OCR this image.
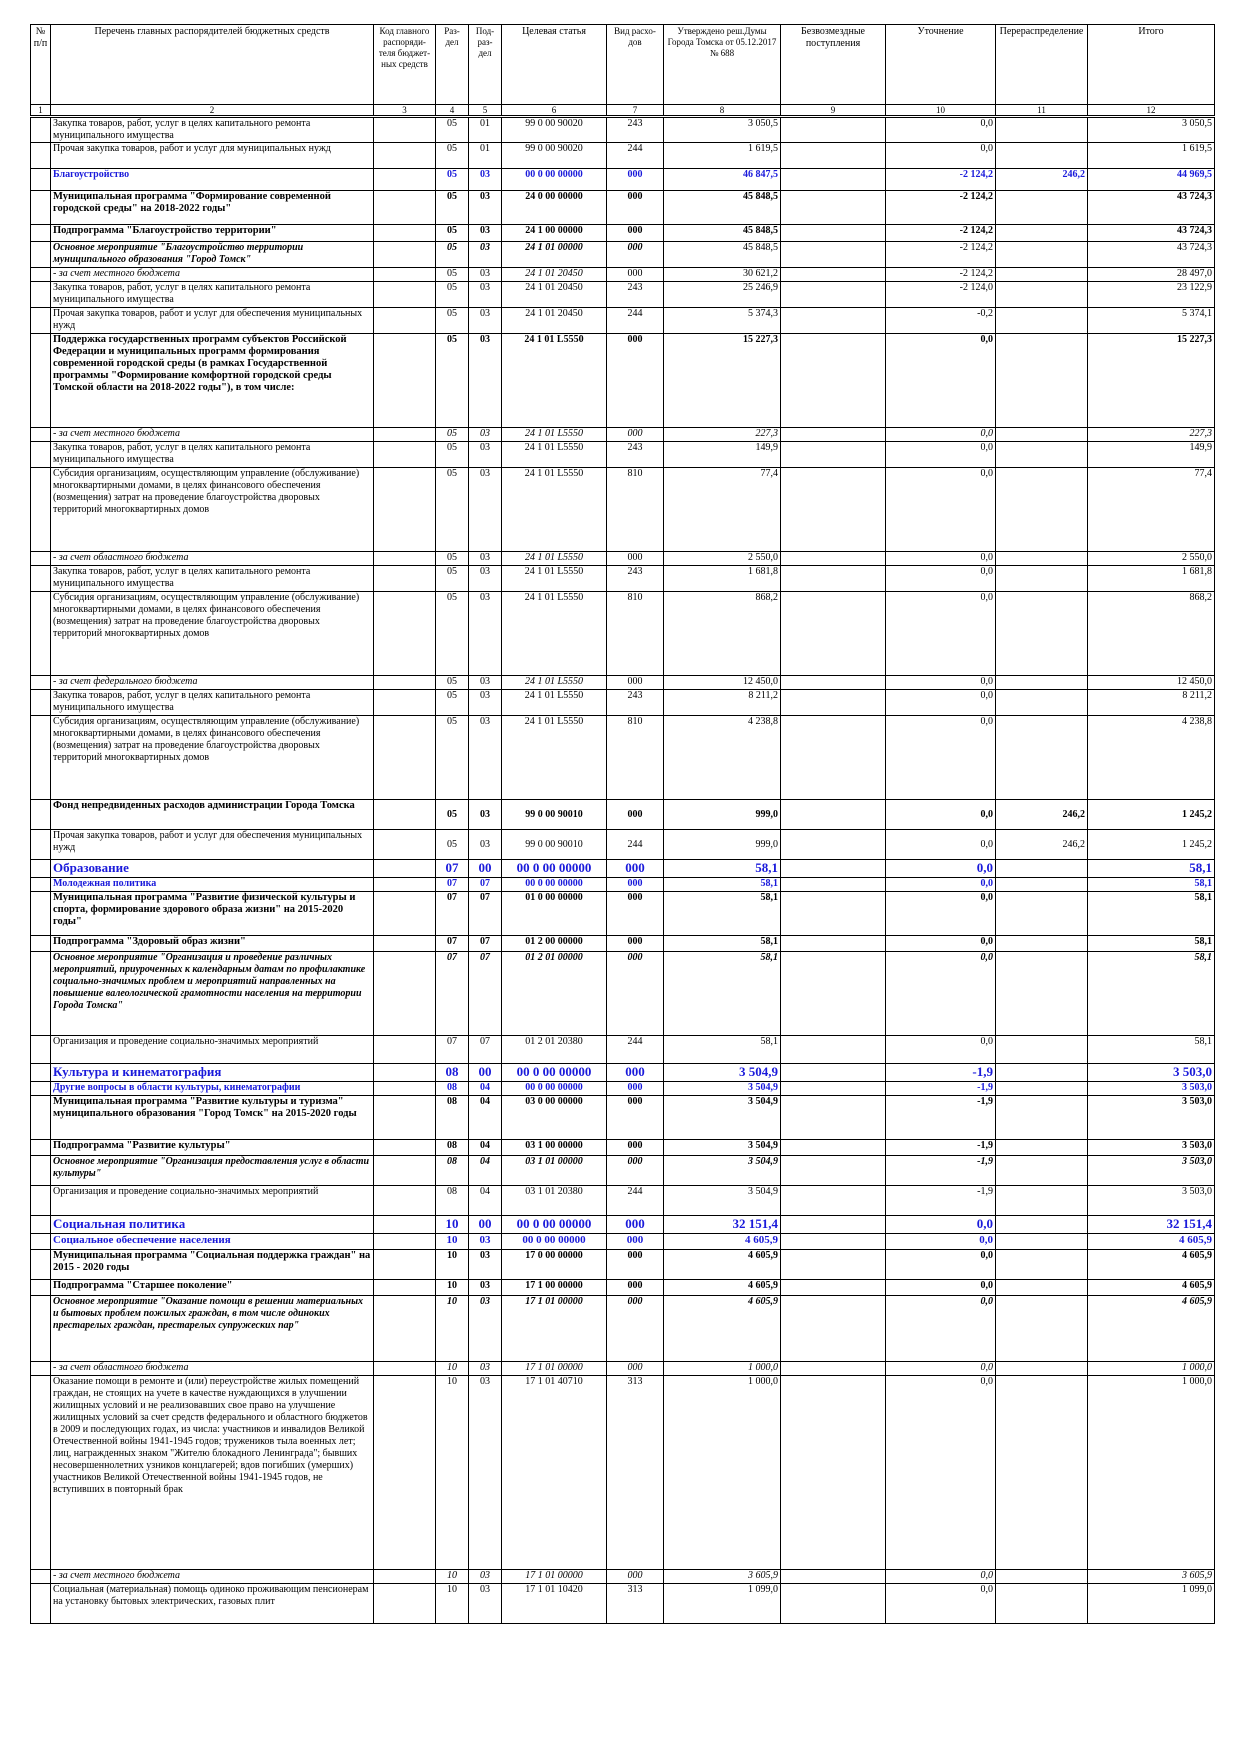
№ п/п	Перечень главных распорядителей бюджетных средств	Код главного распоряди- теля бюджет- ных средств	Раз- дел	Под- раз- дел	Целевая статья	Вид расхо- дов	Утверждено реш.Думы Города Томска от 05.12.2017 № 688	Безвозмездные поступления	Уточнение	Перераспределение	Итого
1	2	3	4	5	6	7	8	9	10	11	12
	Закупка товаров, работ, услуг в целях капитального ремонта муниципального имущества		05	01	99 0 00 90020	243	3 050,5		0,0		3 050,5
	Прочая закупка товаров, работ и услуг для муниципальных нужд		05	01	99 0 00 90020	244	1 619,5		0,0		1 619,5
	Благоустройство		05	03	00 0 00 00000	000	46 847,5		-2 124,2	246,2	44 969,5
	Муниципальная программа "Формирование современной городской среды" на 2018-2022 годы"		05	03	24 0 00 00000	000	45 848,5		-2 124,2		43 724,3
	Подпрограмма "Благоустройство территории"		05	03	24 1 00 00000	000	45 848,5		-2 124,2		43 724,3
	Основное мероприятие "Благоустройство территории муниципального образования "Город Томск"		05	03	24 1 01 00000	000	45 848,5		-2 124,2		43 724,3
	- за счет местного бюджета		05	03	24 1 01 20450	000	30 621,2		-2 124,2		28 497,0
	Закупка товаров, работ, услуг в целях капитального ремонта муниципального имущества		05	03	24 1 01 20450	243	25 246,9		-2 124,0		23 122,9
	Прочая закупка товаров, работ и услуг для обеспечения муниципальных нужд		05	03	24 1 01 20450	244	5 374,3		-0,2		5 374,1
	Поддержка государственных программ субъектов Российской Федерации и муниципальных программ формирования современной городской среды (в рамках Государственной программы "Формирование комфортной городской среды Томской области на 2018-2022 годы"), в том числе:		05	03	24 1 01 L5550	000	15 227,3		0,0		15 227,3
	- за счет местного бюджета		05	03	24 1 01 L5550	000	227,3		0,0		227,3
	Закупка товаров, работ, услуг в целях капитального ремонта муниципального имущества		05	03	24 1 01 L5550	243	149,9		0,0		149,9
	Субсидия организациям, осуществляющим управление (обслуживание) многоквартирными домами, в целях финансового обеспечения (возмещения) затрат на проведение благоустройства дворовых территорий многоквартирных домов		05	03	24 1 01 L5550	810	77,4		0,0		77,4
	- за счет областного бюджета		05	03	24 1 01 L5550	000	2 550,0		0,0		2 550,0
	Закупка товаров, работ, услуг в целях капитального ремонта муниципального имущества		05	03	24 1 01 L5550	243	1 681,8		0,0		1 681,8
	Субсидия организациям, осуществляющим управление (обслуживание) многоквартирными домами, в целях финансового обеспечения (возмещения) затрат на проведение благоустройства дворовых территорий многоквартирных домов		05	03	24 1 01 L5550	810	868,2		0,0		868,2
	- за счет федерального бюджета		05	03	24 1 01 L5550	000	12 450,0		0,0		12 450,0
	Закупка товаров, работ, услуг в целях капитального ремонта муниципального имущества		05	03	24 1 01 L5550	243	8 211,2		0,0		8 211,2
	Субсидия организациям, осуществляющим управление (обслуживание) многоквартирными домами, в целях финансового обеспечения (возмещения) затрат на проведение благоустройства дворовых территорий многоквартирных домов		05	03	24 1 01 L5550	810	4 238,8		0,0		4 238,8
	Фонд непредвиденных расходов администрации Города Томска		05	03	99 0 00 90010	000	999,0		0,0	246,2	1 245,2
	Прочая закупка товаров, работ и услуг для обеспечения муниципальных нужд		05	03	99 0 00 90010	244	999,0		0,0	246,2	1 245,2
	Образование		07	00	00 0 00 00000	000	58,1		0,0		58,1
	Молодежная политика		07	07	00 0 00 00000	000	58,1		0,0		58,1
	Муниципальная программа "Развитие физической культуры и спорта, формирование здорового образа жизни" на 2015-2020 годы"		07	07	01 0 00 00000	000	58,1		0,0		58,1
	Подпрограмма "Здоровый образ жизни"		07	07	01 2 00 00000	000	58,1		0,0		58,1
	Основное мероприятие "Организация и проведение различных мероприятий, приуроченных к календарным датам по профилактике социально-значимых проблем и мероприятий направленных на повышение валеологической грамотности населения на территории Города Томска"		07	07	01 2 01 00000	000	58,1		0,0		58,1
	Организация и проведение социально-значимых мероприятий		07	07	01 2 01 20380	244	58,1		0,0		58,1
	Культура и кинематография		08	00	00 0 00 00000	000	3 504,9		-1,9		3 503,0
	Другие вопросы в области культуры, кинематографии		08	04	00 0 00 00000	000	3 504,9		-1,9		3 503,0
	Муниципальная программа "Развитие культуры и туризма" муниципального образования "Город Томск" на 2015-2020 годы		08	04	03 0 00 00000	000	3 504,9		-1,9		3 503,0
	Подпрограмма "Развитие культуры"		08	04	03 1 00 00000	000	3 504,9		-1,9		3 503,0
	Основное мероприятие "Организация предоставления услуг в области культуры"		08	04	03 1 01 00000	000	3 504,9		-1,9		3 503,0
	Организация и проведение социально-значимых мероприятий		08	04	03 1 01 20380	244	3 504,9		-1,9		3 503,0
	Социальная политика		10	00	00 0 00 00000	000	32 151,4		0,0		32 151,4
	Социальное обеспечение населения		10	03	00 0 00 00000	000	4 605,9		0,0		4 605,9
	Муниципальная программа "Социальная поддержка граждан" на 2015 - 2020 годы		10	03	17 0 00 00000	000	4 605,9		0,0		4 605,9
	Подпрограмма "Старшее поколение"		10	03	17 1 00 00000	000	4 605,9		0,0		4 605,9
	Основное мероприятие "Оказание помощи в решении материальных и бытовых проблем пожилых граждан, в том числе одиноких престарелых граждан, престарелых супружеских пар"		10	03	17 1 01 00000	000	4 605,9		0,0		4 605,9
	- за счет областного бюджета		10	03	17 1 01 00000	000	1 000,0		0,0		1 000,0
	Оказание помощи в ремонте и (или) переустройстве жилых помещений граждан, не стоящих на учете в качестве нуждающихся в улучшении жилищных условий и не реализовавших свое право на улучшение жилищных условий за счет средств федерального и областного бюджетов в 2009 и последующих годах, из числа: участников и инвалидов Великой Отечественной войны 1941-1945 годов; тружеников тыла военных лет; лиц, награжденных знаком "Жителю блокадного Ленинграда"; бывших несовершеннолетних узников концлагерей; вдов погибших (умерших) участников Великой Отечественной войны 1941-1945 годов, не вступивших в повторный брак		10	03	17 1 01 40710	313	1 000,0		0,0		1 000,0
	- за счет местного бюджета		10	03	17 1 01 00000	000	3 605,9		0,0		3 605,9
	Социальная (материальная) помощь одиноко проживающим пенсионерам на установку бытовых электрических, газовых плит		10	03	17 1 01 10420	313	1 099,0		0,0		1 099,0
